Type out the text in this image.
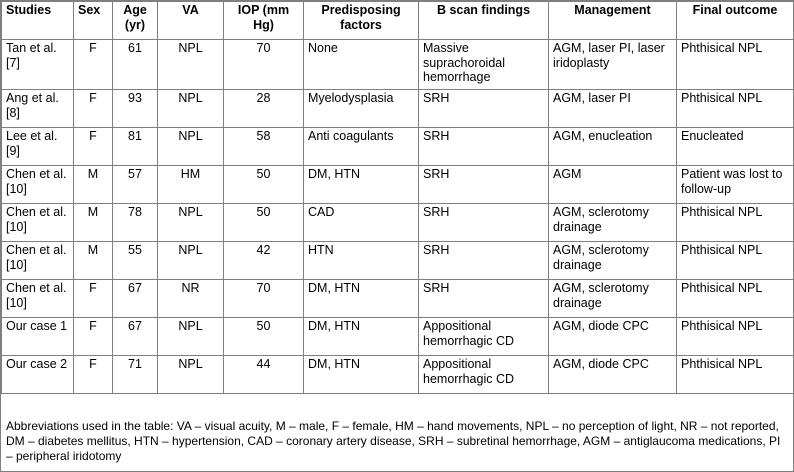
Studies	Sex	Age (yr)	VA	IOP (mm Hg)	Predisposing factors	B scan findings	Management	Final outcome
Tan et al. [7]	F	61	NPL	70	None	Massive suprachoroidal hemorrhage	AGM, laser PI, laser iridoplasty	Phthisical NPL
Ang et al. [8]	F	93	NPL	28	Myelodysplasia	SRH	AGM, laser PI	Phthisical NPL
Lee et al. [9]	F	81	NPL	58	Anti coagulants	SRH	AGM, enucleation	Enucleated
Chen et al. [10]	M	57	HM	50	DM, HTN	SRH	AGM	Patient was lost to follow-up
Chen et al. [10]	M	78	NPL	50	CAD	SRH	AGM, sclerotomy drainage	Phthisical NPL
Chen et al. [10]	M	55	NPL	42	HTN	SRH	AGM, sclerotomy drainage	Phthisical NPL
Chen et al. [10]	F	67	NR	70	DM, HTN	SRH	AGM, sclerotomy drainage	Phthisical NPL
Our case 1	F	67	NPL	50	DM, HTN	Appositional hemorrhagic CD	AGM, diode CPC	Phthisical NPL
Our case 2	F	71	NPL	44	DM, HTN	Appositional hemorrhagic CD	AGM, diode CPC	Phthisical NPL
Abbreviations used in the table: VA – visual acuity, M – male, F – female, HM – hand movements, NPL – no perception of light, NR – not reported, DM – diabetes mellitus, HTN – hypertension, CAD – coronary artery disease, SRH – subretinal hemorrhage, AGM – antiglaucoma medications, PI – peripheral iridotomy
